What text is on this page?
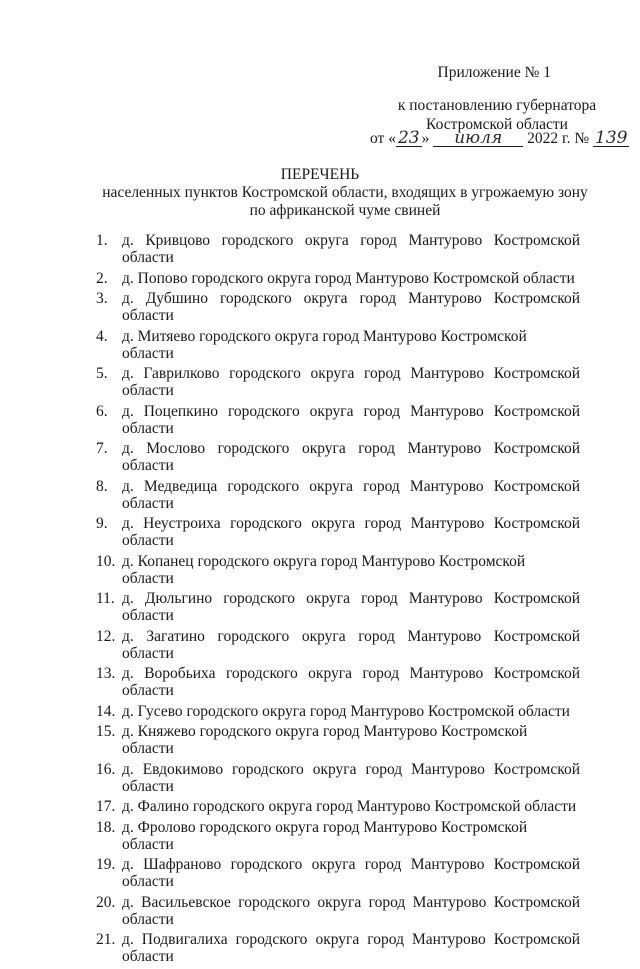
Приложение № 1
к постановлению губернатора
Костромской области
от « 23 » июля 2022 г. № 139
ПЕРЕЧЕНЬ
населенных пунктов Костромской области, входящих в угрожаемую зону по африканской чуме свиней
1. д. Кривцово городского округа город Мантурово Костромской области
2. д. Попово городского округа город Мантурово Костромской области
3. д. Дубшино городского округа город Мантурово Костромской области
4. д. Митяево городского округа город Мантурово Костромской области
5. д. Гаврилково городского округа город Мантурово Костромской области
6. д. Поцепкино городского округа город Мантурово Костромской области
7. д. Мослово городского округа город Мантурово Костромской области
8. д. Медведица городского округа город Мантурово Костромской области
9. д. Неустроиха городского округа город Мантурово Костромской области
10. д. Копанец городского округа город Мантурово Костромской области
11. д. Дюльгино городского округа город Мантурово Костромской области
12. д. Загатино городского округа город Мантурово Костромской области
13. д. Воробьиха городского округа город Мантурово Костромской области
14. д. Гусево городского округа город Мантурово Костромской области
15. д. Княжево городского округа город Мантурово Костромской области
16. д. Евдокимово городского округа город Мантурово Костромской области
17. д. Фалино городского округа город Мантурово Костромской области
18. д. Фролово городского округа город Мантурово Костромской области
19. д. Шафраново городского округа город Мантурово Костромской области
20. д. Васильевское городского округа город Мантурово Костромской области
21. д. Подвигалиха городского округа город Мантурово Костромской области
